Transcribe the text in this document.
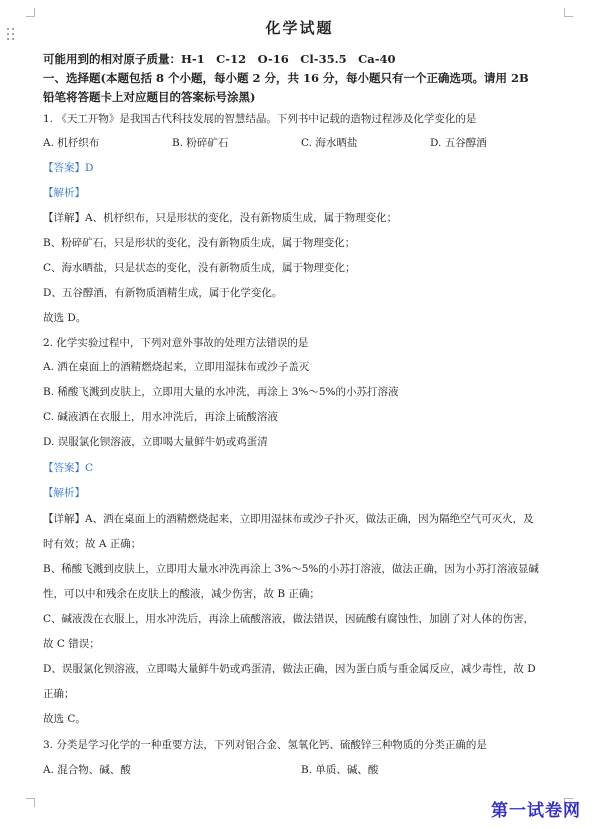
化学试题
可能用到的相对原子质量：H-1　C-12　O-16　Cl-35.5　Ca-40
一、选择题(本题包括 8 个小题，每小题 2 分，共 16 分，每小题只有一个正确选项。请用 2B
铅笔将答题卡上对应题目的答案标号涂黑)
1. 《天工开物》是我国古代科技发展的智慧结晶。下列书中记载的造物过程涉及化学变化的是
A. 机杼织布	B. 粉碎矿石	C. 海水晒盐	D. 五谷醇酒
【答案】D
【解析】
【详解】A、机杼织布，只是形状的变化，没有新物质生成，属于物理变化；
B、粉碎矿石，只是形状的变化，没有新物质生成，属于物理变化；
C、海水晒盐，只是状态的变化，没有新物质生成，属于物理变化；
D、五谷醇酒，有新物质酒精生成，属于化学变化。
故选 D。
2. 化学实验过程中，下列对意外事故的处理方法错误的是
A. 洒在桌面上的酒精燃烧起来，立即用湿抹布或沙子盖灭
B. 稀酸飞溅到皮肤上，立即用大量的水冲洗，再涂上 3%～5%的小苏打溶液
C. 碱液洒在衣服上，用水冲洗后，再涂上硫酸溶液
D. 误服氯化钡溶液，立即喝大量鲜牛奶或鸡蛋清
【答案】C
【解析】
【详解】A、洒在桌面上的酒精燃烧起来，立即用湿抹布或沙子扑灭，做法正确，因为隔绝空气可灭火，及
时有效；故 A 正确；
B、稀酸飞溅到皮肤上，立即用大量水冲洗再涂上 3%～5%的小苏打溶液，做法正确，因为小苏打溶液显碱
性，可以中和残余在皮肤上的酸液，减少伤害，故 B 正确；
C、碱液泼在衣服上，用水冲洗后，再涂上硫酸溶液，做法错误，因硫酸有腐蚀性，加剧了对人体的伤害，
故 C 错误；
D、误服氯化钡溶液，立即喝大量鲜牛奶或鸡蛋清，做法正确，因为蛋白质与重金属反应，减少毒性，故 D
正确；
故选 C。
3. 分类是学习化学的一种重要方法，下列对铝合金、氢氧化钙、硫酸锌三种物质的分类正确的是
A. 混合物、碱、酸	B. 单质、碱、酸
第一试卷网
